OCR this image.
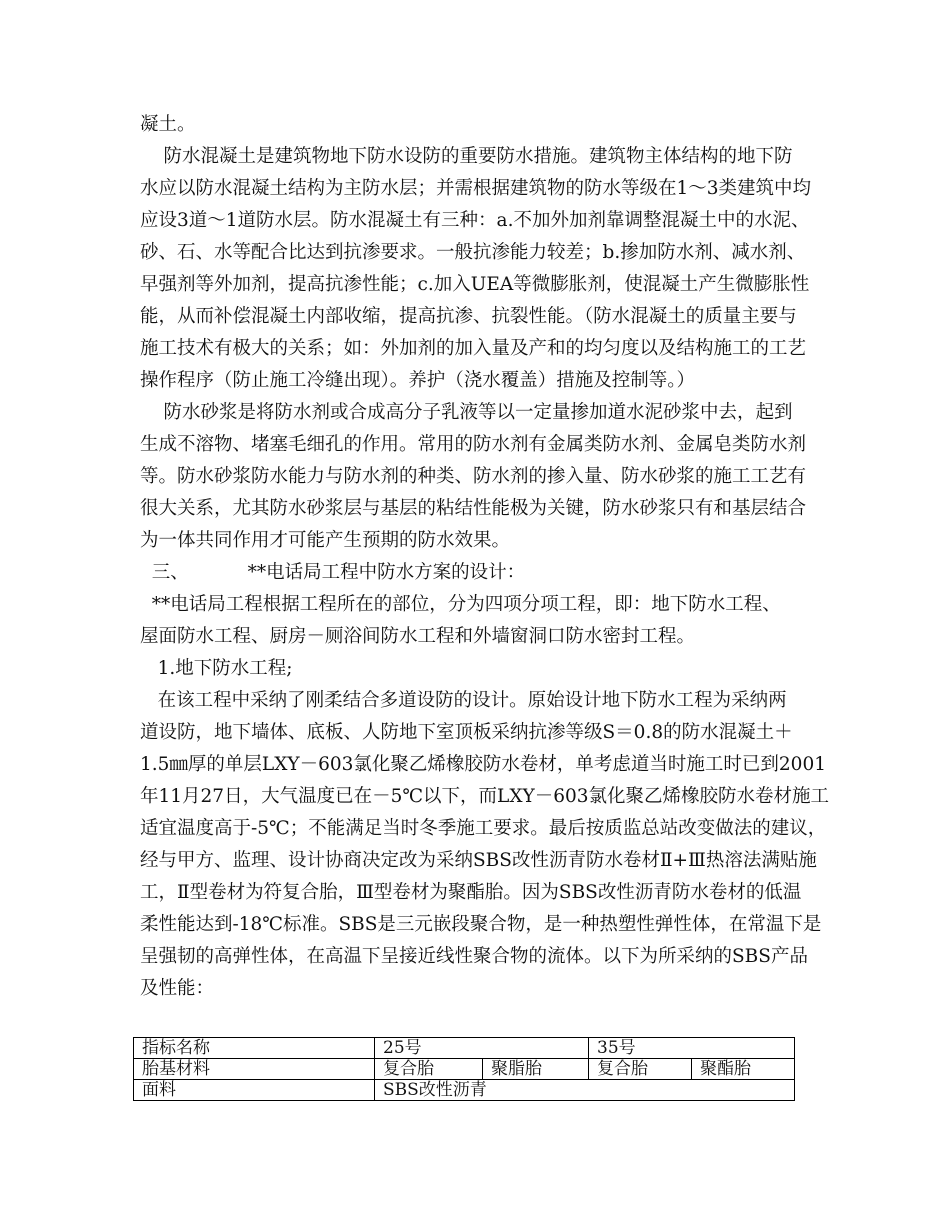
凝土。
防水混凝土是建筑物地下防水设防的重要防水措施。建筑物主体结构的地下防
水应以防水混凝土结构为主防水层；并需根据建筑物的防水等级在1～3类建筑中均
应设3道～1道防水层。防水混凝土有三种：a.不加外加剂靠调整混凝土中的水泥、
砂、石、水等配合比达到抗渗要求。一般抗渗能力较差；b.掺加防水剂、减水剂、
早强剂等外加剂，提高抗渗性能；c.加入UEA等微膨胀剂，使混凝土产生微膨胀性
能，从而补偿混凝土内部收缩，提高抗渗、抗裂性能。（防水混凝土的质量主要与
施工技术有极大的关系；如：外加剂的加入量及产和的均匀度以及结构施工的工艺
操作程序（防止施工冷缝出现）。养护（浇水覆盖）措施及控制等。）
防水砂浆是将防水剂或合成高分子乳液等以一定量掺加道水泥砂浆中去，起到
生成不溶物、堵塞毛细孔的作用。常用的防水剂有金属类防水剂、金属皂类防水剂
等。防水砂浆防水能力与防水剂的种类、防水剂的掺入量、防水砂浆的施工工艺有
很大关系，尤其防水砂浆层与基层的粘结性能极为关键，防水砂浆只有和基层结合
为一体共同作用才可能产生预期的防水效果。
三、          **电话局工程中防水方案的设计：
**电话局工程根据工程所在的部位，分为四项分项工程，即：地下防水工程、
屋面防水工程、厨房－厕浴间防水工程和外墙窗洞口防水密封工程。
1.地下防水工程;
在该工程中采纳了刚柔结合多道设防的设计。原始设计地下防水工程为采纳两
道设防，地下墙体、底板、人防地下室顶板采纳抗渗等级S＝0.8的防水混凝土＋
1.5㎜厚的单层LXY－603氯化聚乙烯橡胶防水卷材，单考虑道当时施工时已到2001
年11月27日，大气温度已在－5℃以下，而LXY－603氯化聚乙烯橡胶防水卷材施工
适宜温度高于-5℃；不能满足当时冬季施工要求。最后按质监总站改变做法的建议，
经与甲方、监理、设计协商决定改为采纳SBS改性沥青防水卷材Ⅱ+Ⅲ热溶法满贴施
工，Ⅱ型卷材为符复合胎，Ⅲ型卷材为聚酯胎。因为SBS改性沥青防水卷材的低温
柔性能达到-18℃标准。SBS是三元嵌段聚合物，是一种热塑性弹性体，在常温下是
呈强韧的高弹性体，在高温下呈接近线性聚合物的流体。以下为所采纳的SBS产品
及性能：
指标名称	25号		35号	
胎基材料	复合胎	聚脂胎	复合胎	聚酯胎
面料	SBS改性沥青			
